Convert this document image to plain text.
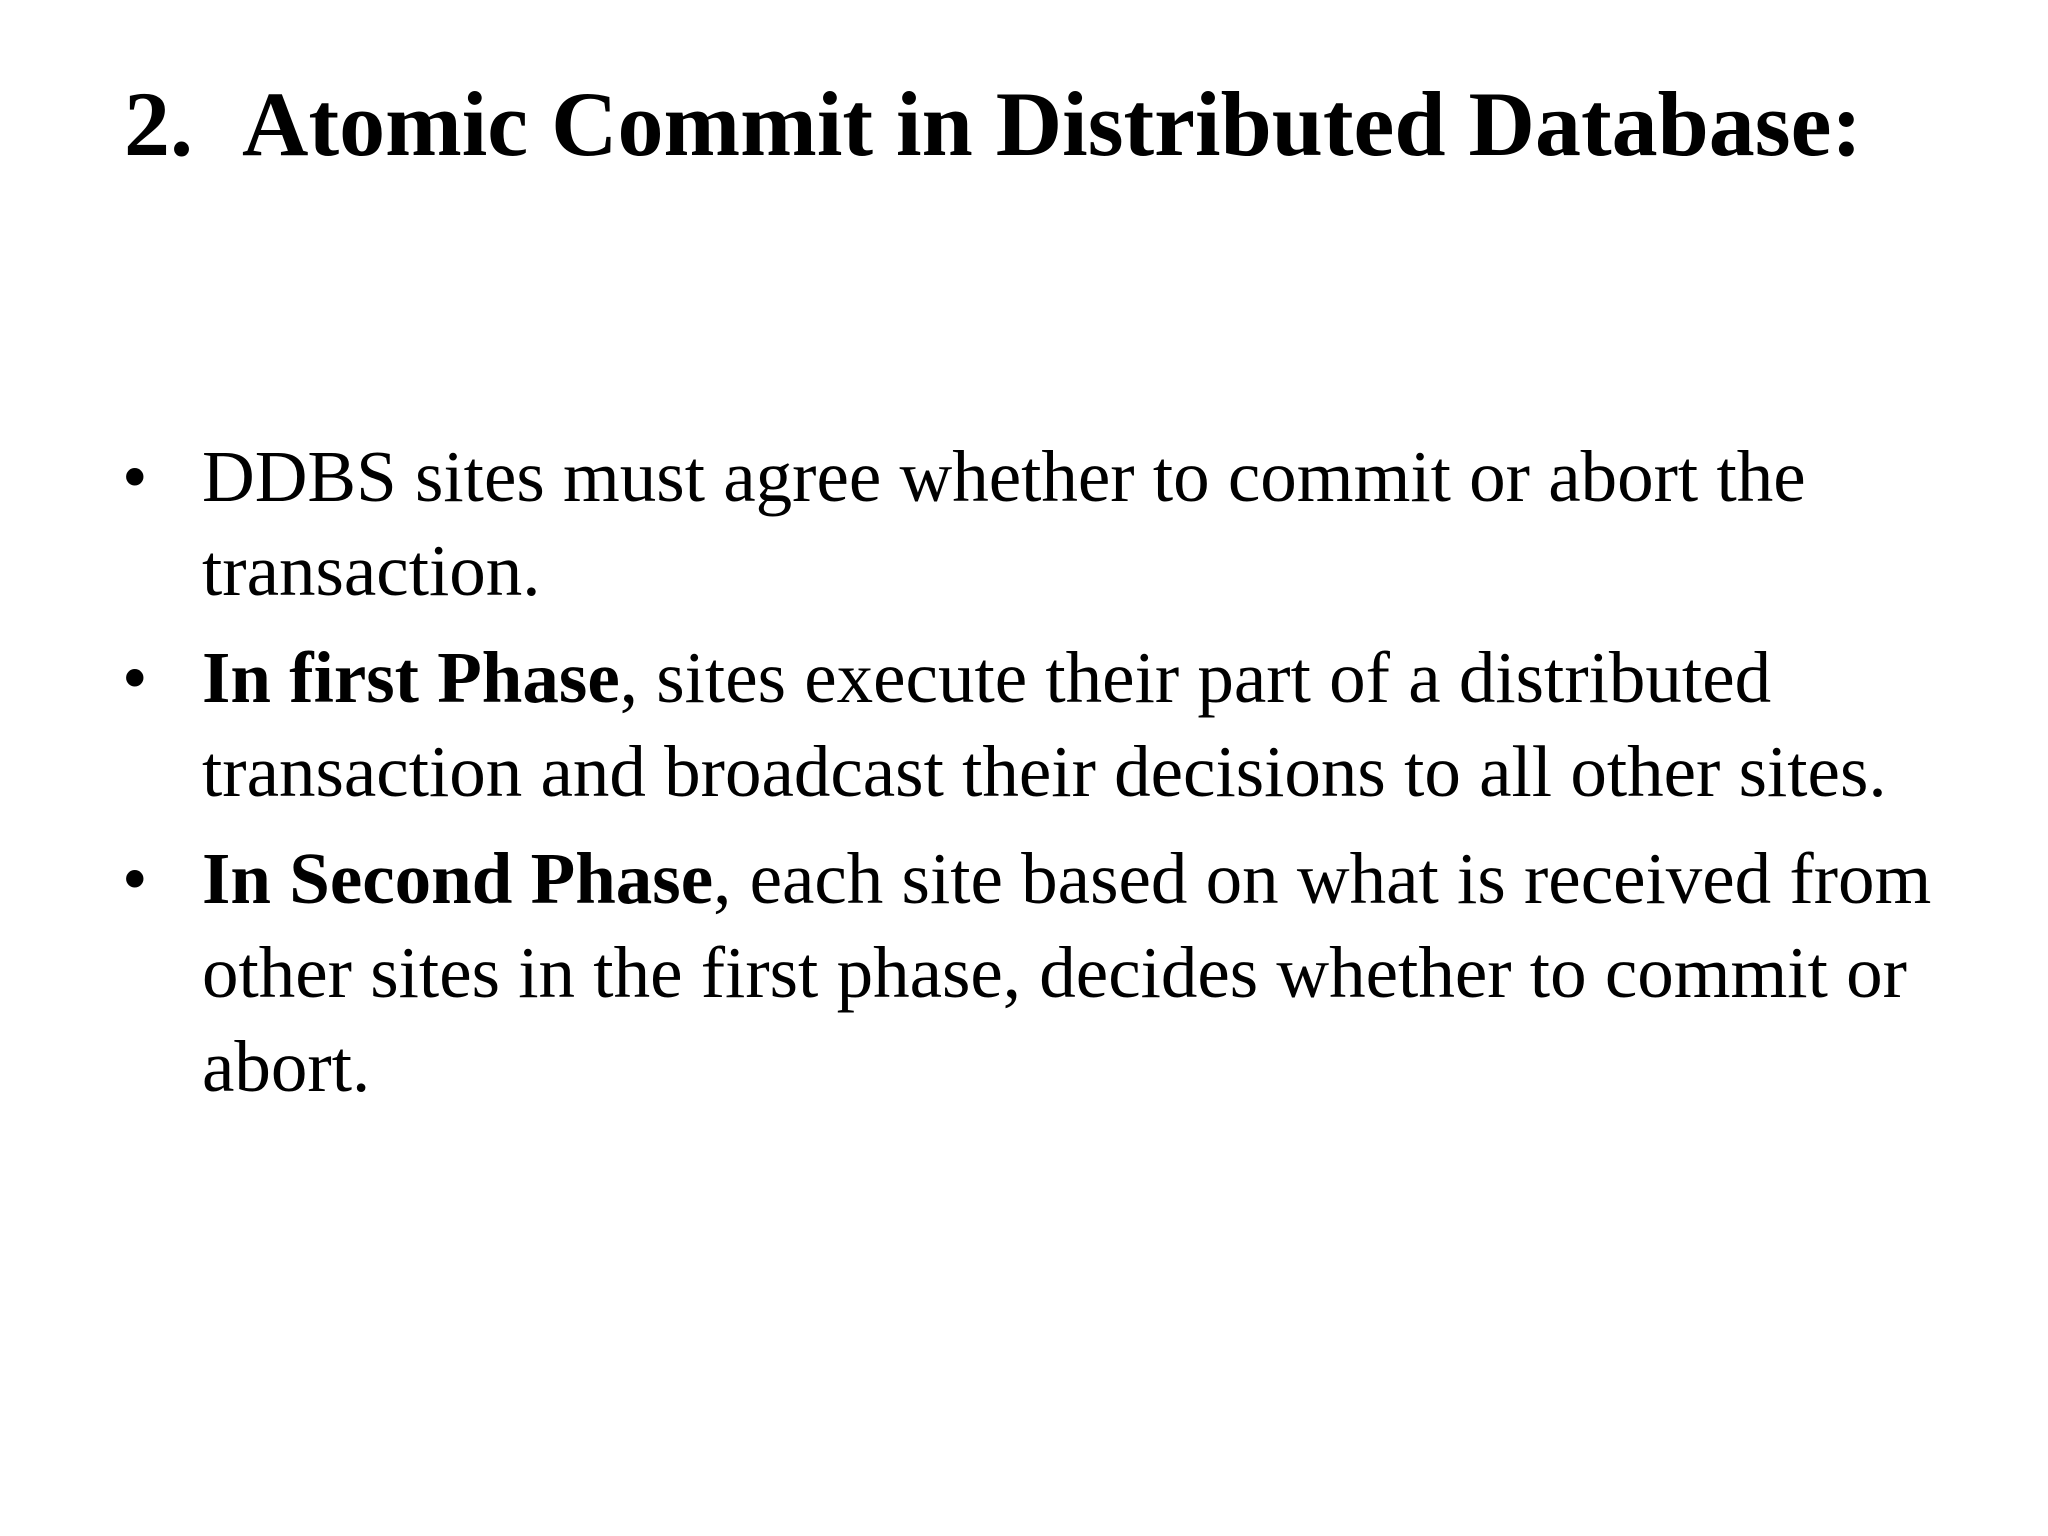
2. Atomic Commit in Distributed Database:
• DDBS sites must agree whether to commit or abort the transaction.
• In first Phase, sites execute their part of a distributed transaction and broadcast their decisions to all other sites.
• In Second Phase, each site based on what is received from other sites in the first phase, decides whether to commit or abort.
